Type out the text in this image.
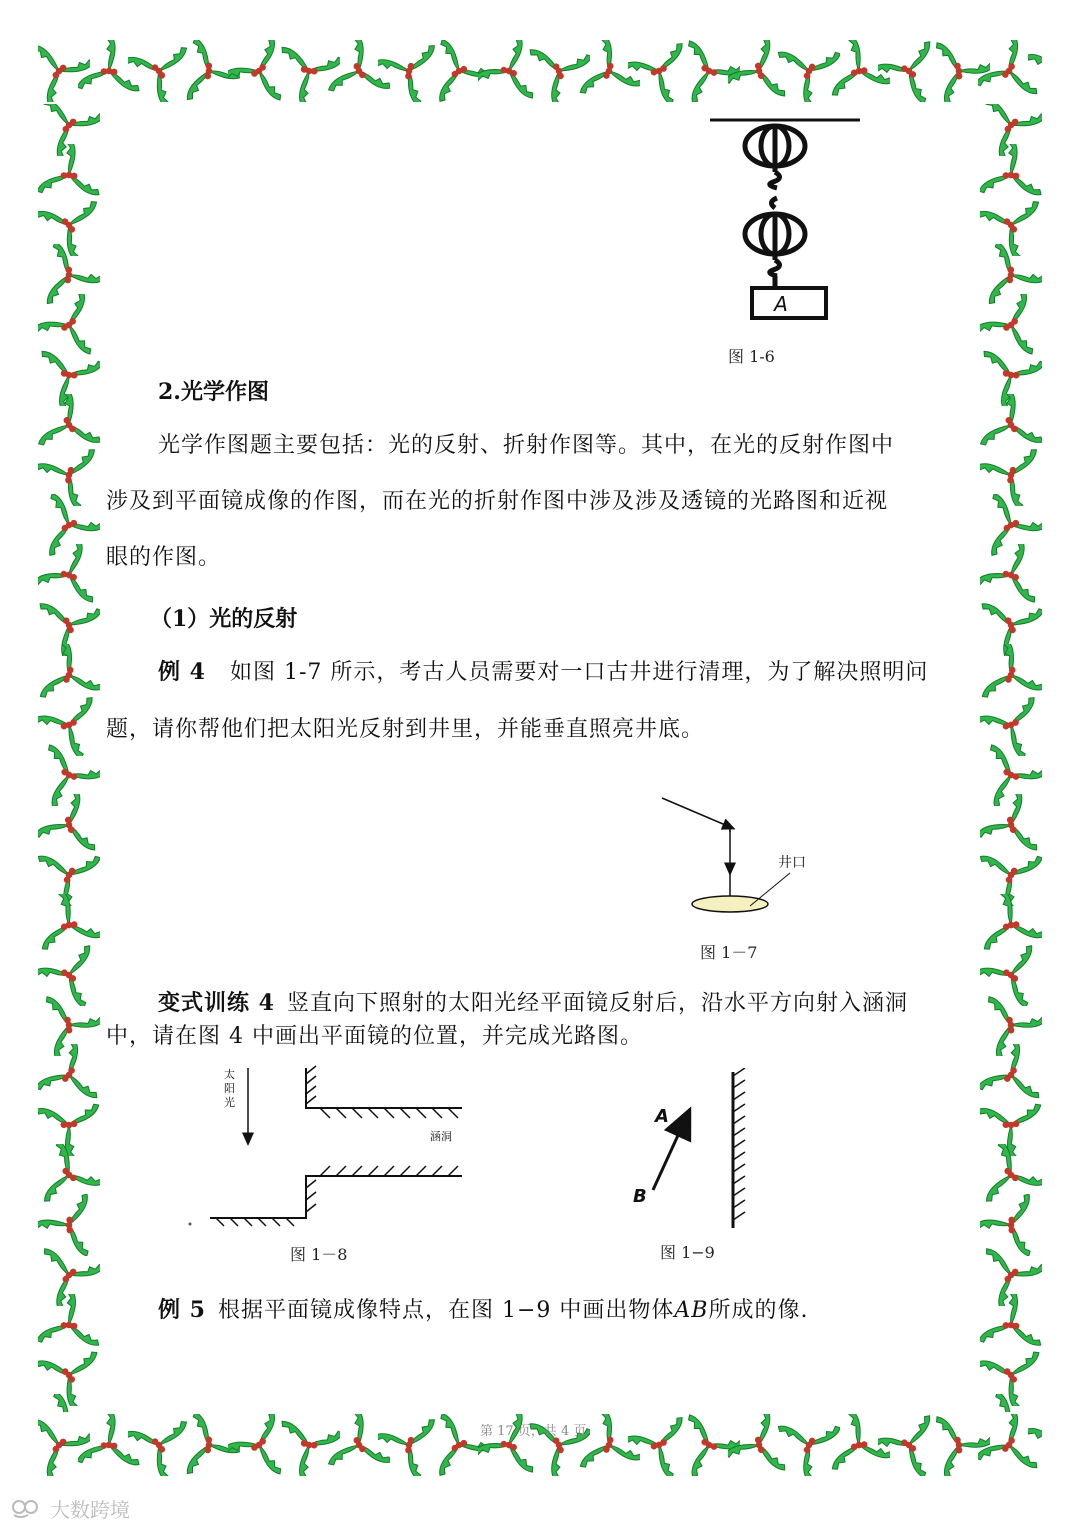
A
图 1-6
2.光学作图
光学作图题主要包括：光的反射、折射作图等。其中，在光的反射作图中
涉及到平面镜成像的作图，而在光的折射作图中涉及涉及透镜的光路图和近视
眼的作图。
（1）光的反射
例 4 如图 1-7 所示，考古人员需要对一口古井进行清理，为了解决照明问
题，请你帮他们把太阳光反射到井里，并能垂直照亮井底。
井口
图 1－7
变式训练 4 竖直向下照射的太阳光经平面镜反射后，沿水平方向射入涵洞
中，请在图 4 中画出平面镜的位置，并完成光路图。
太
阳
光
涵洞
图 1－8
A
B
图 1−9
例 5 根据平面镜成像特点，在图 1−9 中画出物体AB所成的像.
第 17 页，共 4 页
大数跨境
